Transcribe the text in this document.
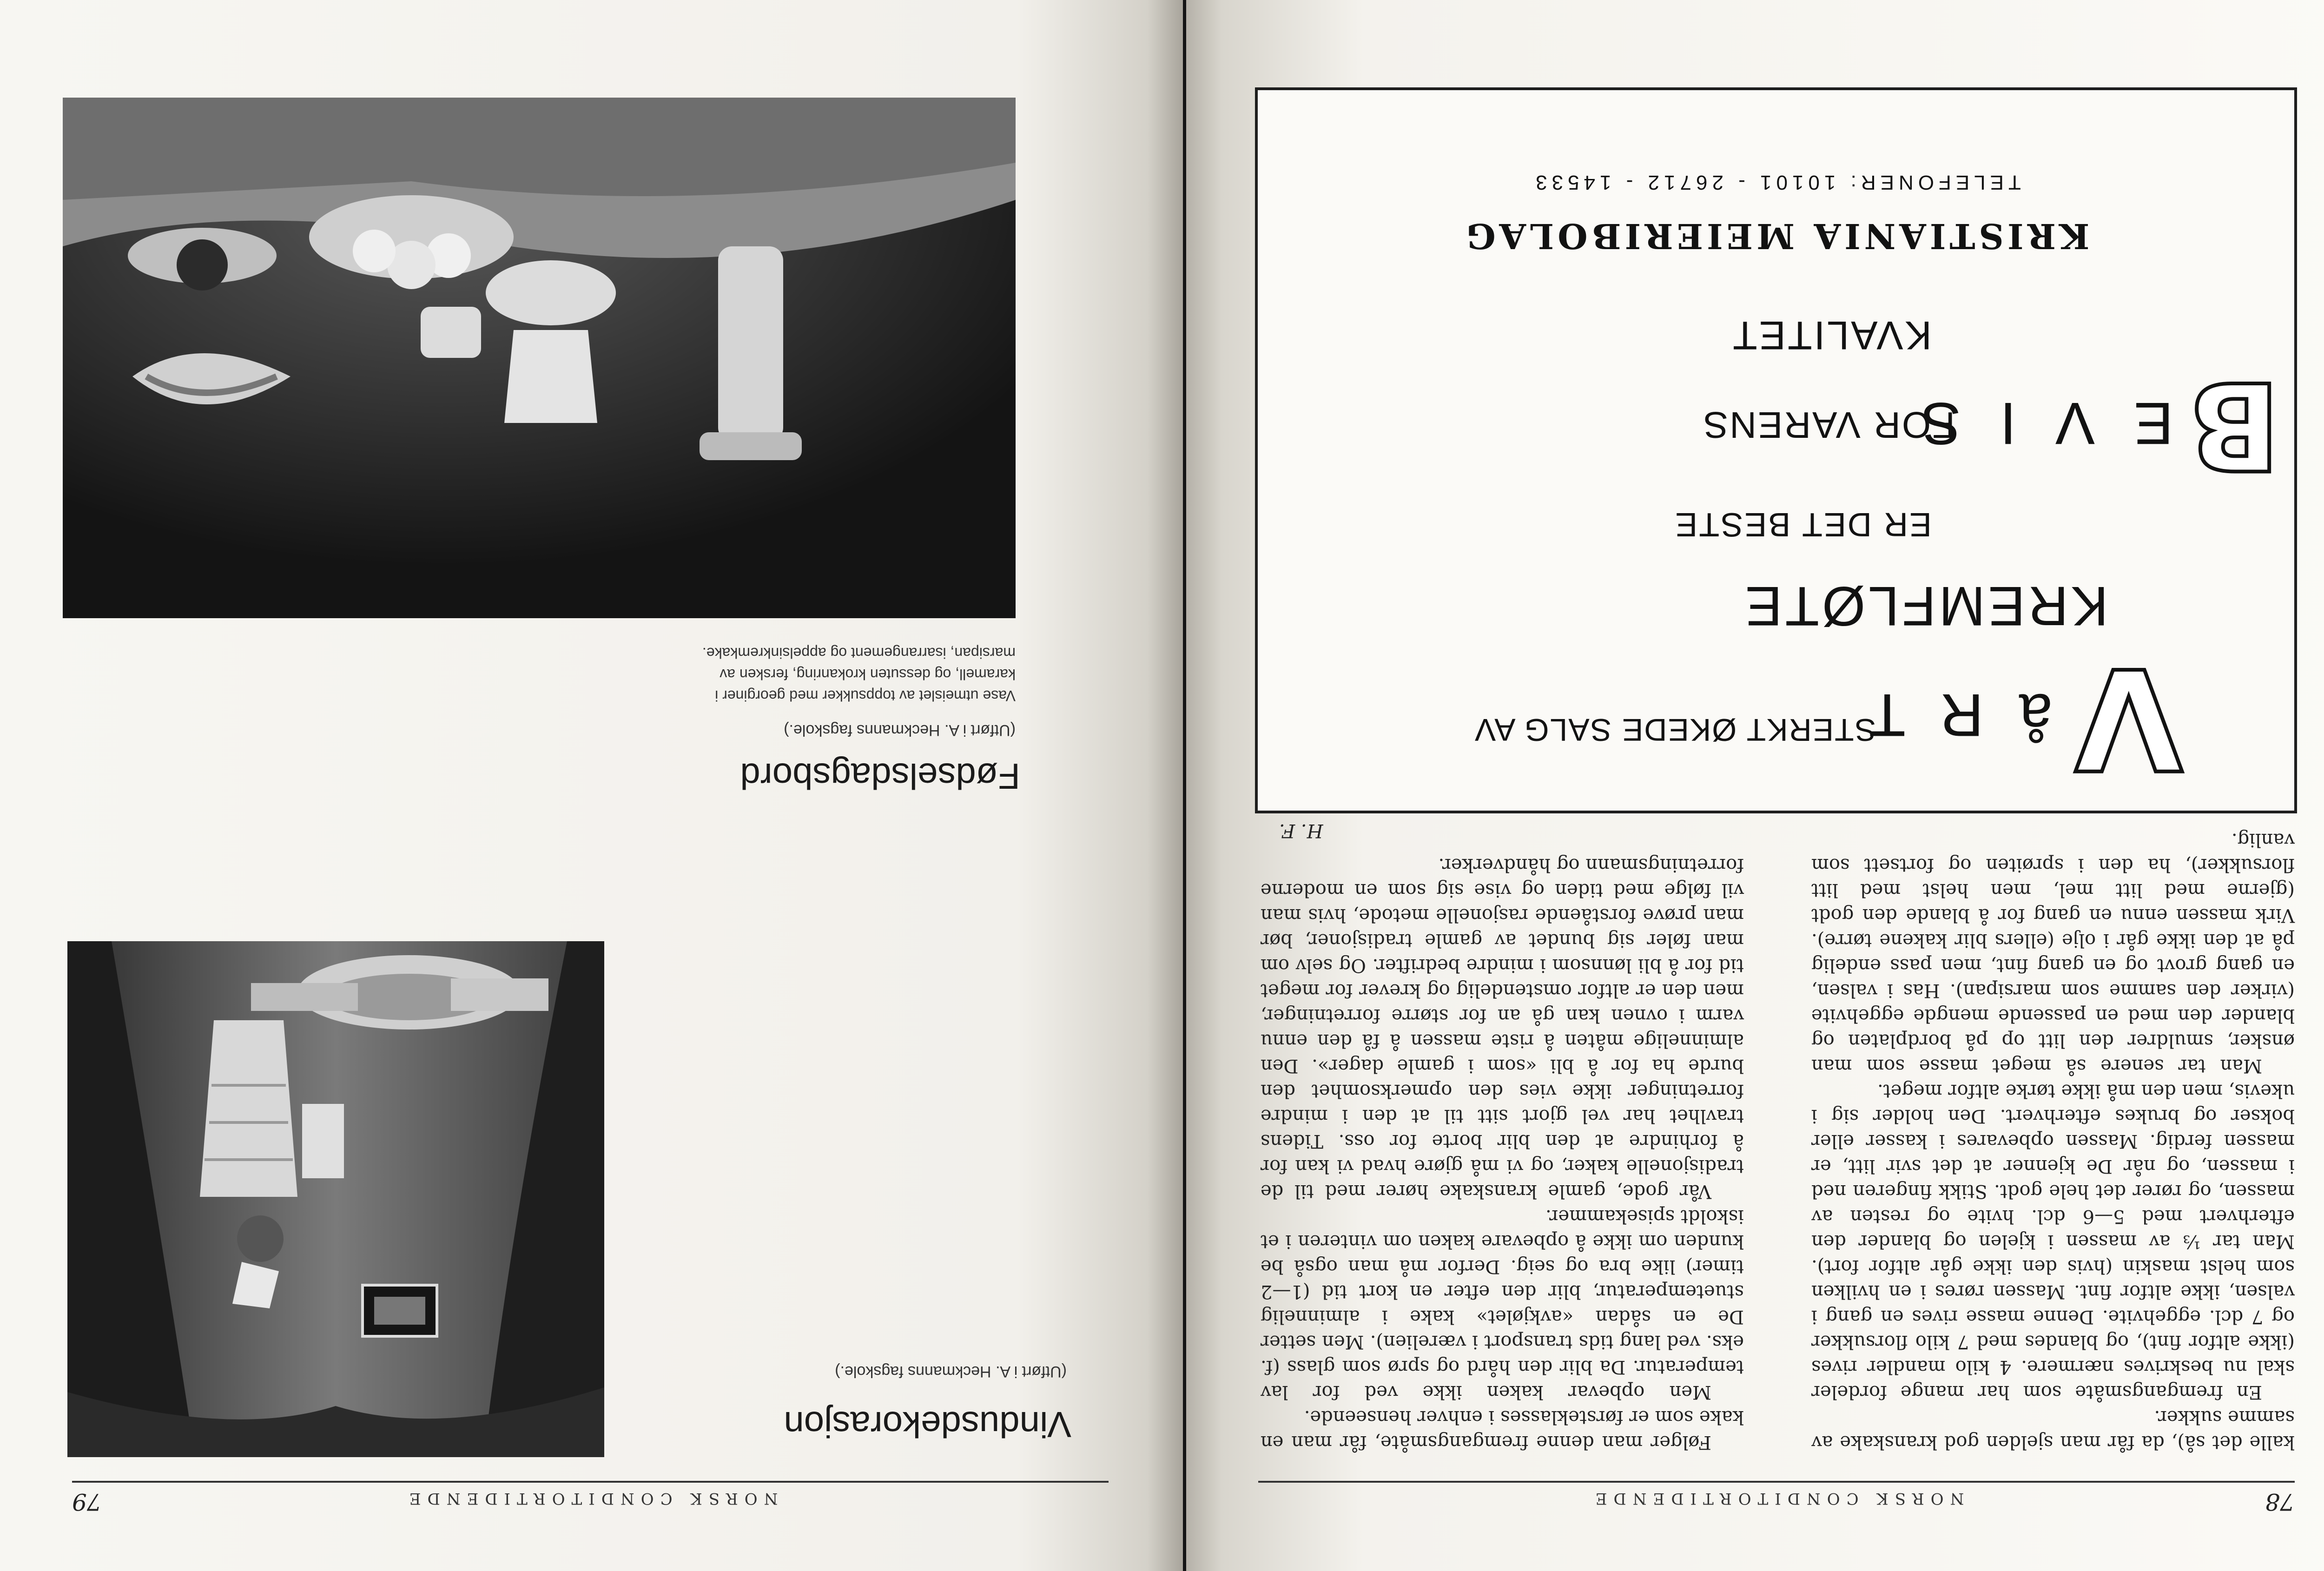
78
NORSK CONDITORTIDENDE

kalle det så), da får man sjelden god kranskake av samme sukker.

En fremgangsmåte som har mange fordeler skal nu beskrives nærmere. 4 kilo mandler rives (ikke altfor fint), og blandes med 7 kilo florsukker og 7 dcl. eggehvite. Denne masse rives en gang i valsen, ikke altfor fint. Massen røres i en hvilken som helst maskin (hvis den ikke går altfor fort). Man tar ⅓ av massen i kjelen og blander den efterhvert med 5—6 dcl. hvite og resten av massen, og rører det hele godt. Stikk fingeren ned i massen, og når De kjenner at det svir litt, er massen ferdig. Massen opbevares i kasser eller bokser og brukes efterhvert. Den holder sig i ukevis, men den må ikke tørke altfor meget.

Man tar senere så meget masse som man ønsker, smuldrer den litt op på bordplaten og blander den med en passende mengde eggehvite (virker den samme som marsipan). Has i valsen, en gang grovt og en gang fint, men pass endelig på at den ikke går i olje (ellers blir kakene tørre). Virk massen ennu en gang for å blande den godt (gjerne med litt mel, men helst med litt florsukker), ha den i sprøiten og fortsett som vanlig.

Følger man denne fremgangsmåte, får man en kake som er førsteklasses i enhver henseende.

Men opbevar kaken ikke ved for lav temperatur. Da blir den hård og sprø som glass (f. eks. ved lang tids transport i værelien). Men setter De en sådan «avkjølet» kake i alminnelig stuetemperatur, blir den efter en kort tid (1—2 timer) like bra og seig. Derfor må man også be kunden om ikke å opbevare kaken om vinteren i et iskoldt spisekammer.

Vår gode, gamle kranskake hører med til de tradisjonelle kaker, og vi må gjøre hvad vi kan for å forhindre at den blir borte for oss. Tidens travlhet har vel gjort sitt til at den i mindre forretninger ikke vies den opmerksomhet den burde ha for å bli «som i gamle dager». Den alminnelige måten å riste massen å få den ennu varm i ovnen kan gå an for større forretninger, men den er altfor omstendelig og krever for meget tid for å bli lønnsom i mindre bedrifter. Og selv om man føler sig bundet av gamle tradisjoner, bør man prøve forstående rasjonelle metode, hvis man vil følge med tiden og vise sig som en moderne forretningsmann og håndverker.

H. F.
V
å R T
STERKT ØKEDE SALG AV
KREMFLØTE
ER DET BESTE
B
E V I S
FOR VARENS
KVALITET
KRISTIANIA MEIERIBOLAG
TELEFONER: 10101 - 26712 - 14533
79	NORSK CONDITORTIDENDE
Vindusdekorasjon
(Utført i A. Heckmanns fagskole.)
Fødselsdagsbord
(Utført i A. Heckmanns fagskole.)
Vase utmeislet av toppsukker med georginer i karamell, og dessuten krokanring, fersken av marsipan, isarrangement og appelsinkremkake.
